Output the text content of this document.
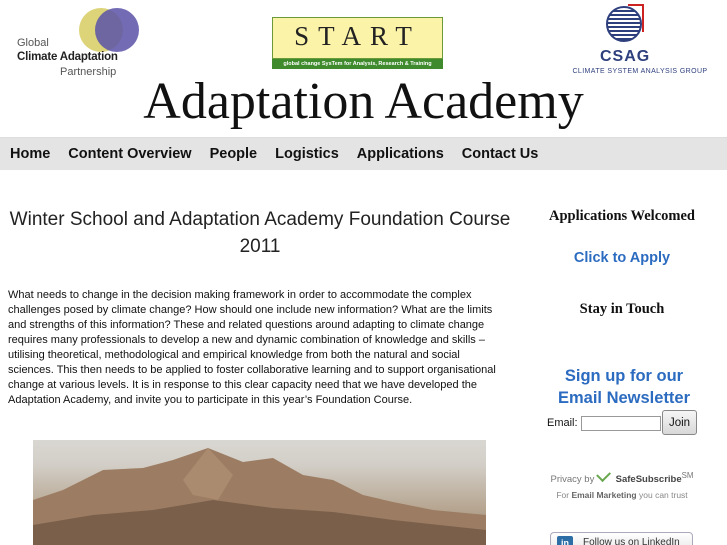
Global
Climate Adaptation
Partnership
START
global change SysTem for Analysis, Research & Training	CSAG
CLIMATE SYSTEM ANALYSIS GROUP
Adaptation Academy
Home Content Overview People Logistics Applications Contact Us
Winter School and Adaptation Academy Foundation Course 2011
What needs to change in the decision making framework in order to accommodate the complex challenges posed by climate change? How should one include new information? What are the limits and strengths of this information? These and related questions around adapting to climate change requires many professionals to develop a new and dynamic combination of knowledge and skills – utilising theoretical, methodological and empirical knowledge from both the natural and social sciences. This then needs to be applied to foster collaborative learning and to support organisational change at various levels. It is in response to this clear capacity need that we have developed the Adaptation Academy, and invite you to participate in this year’s Foundation Course.
Applications Welcomed
Click to Apply
Stay in Touch
Sign up for our Email Newsletter
Email:	Join
Privacy by SafeSubscribe℠
For Email Marketing you can trust
in	Follow us on LinkedIn
